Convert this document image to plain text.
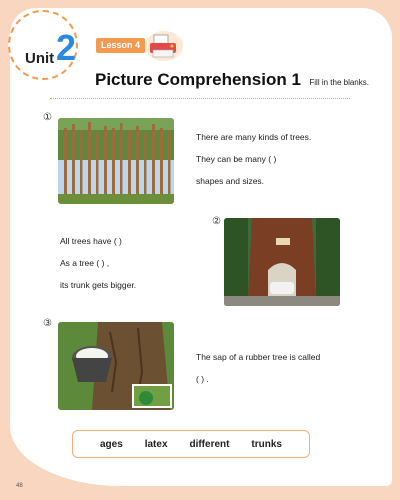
Unit 2	Lesson 4
Picture Comprehension 1 Fill in the blanks.
①
There are many kinds of trees.
They can be many ( )
shapes and sizes.
②
All trees have ( )
As a tree ( ) ,
its trunk gets bigger.
③
The sap of a rubber tree is called
( ) .
ages latex different trunks
48
